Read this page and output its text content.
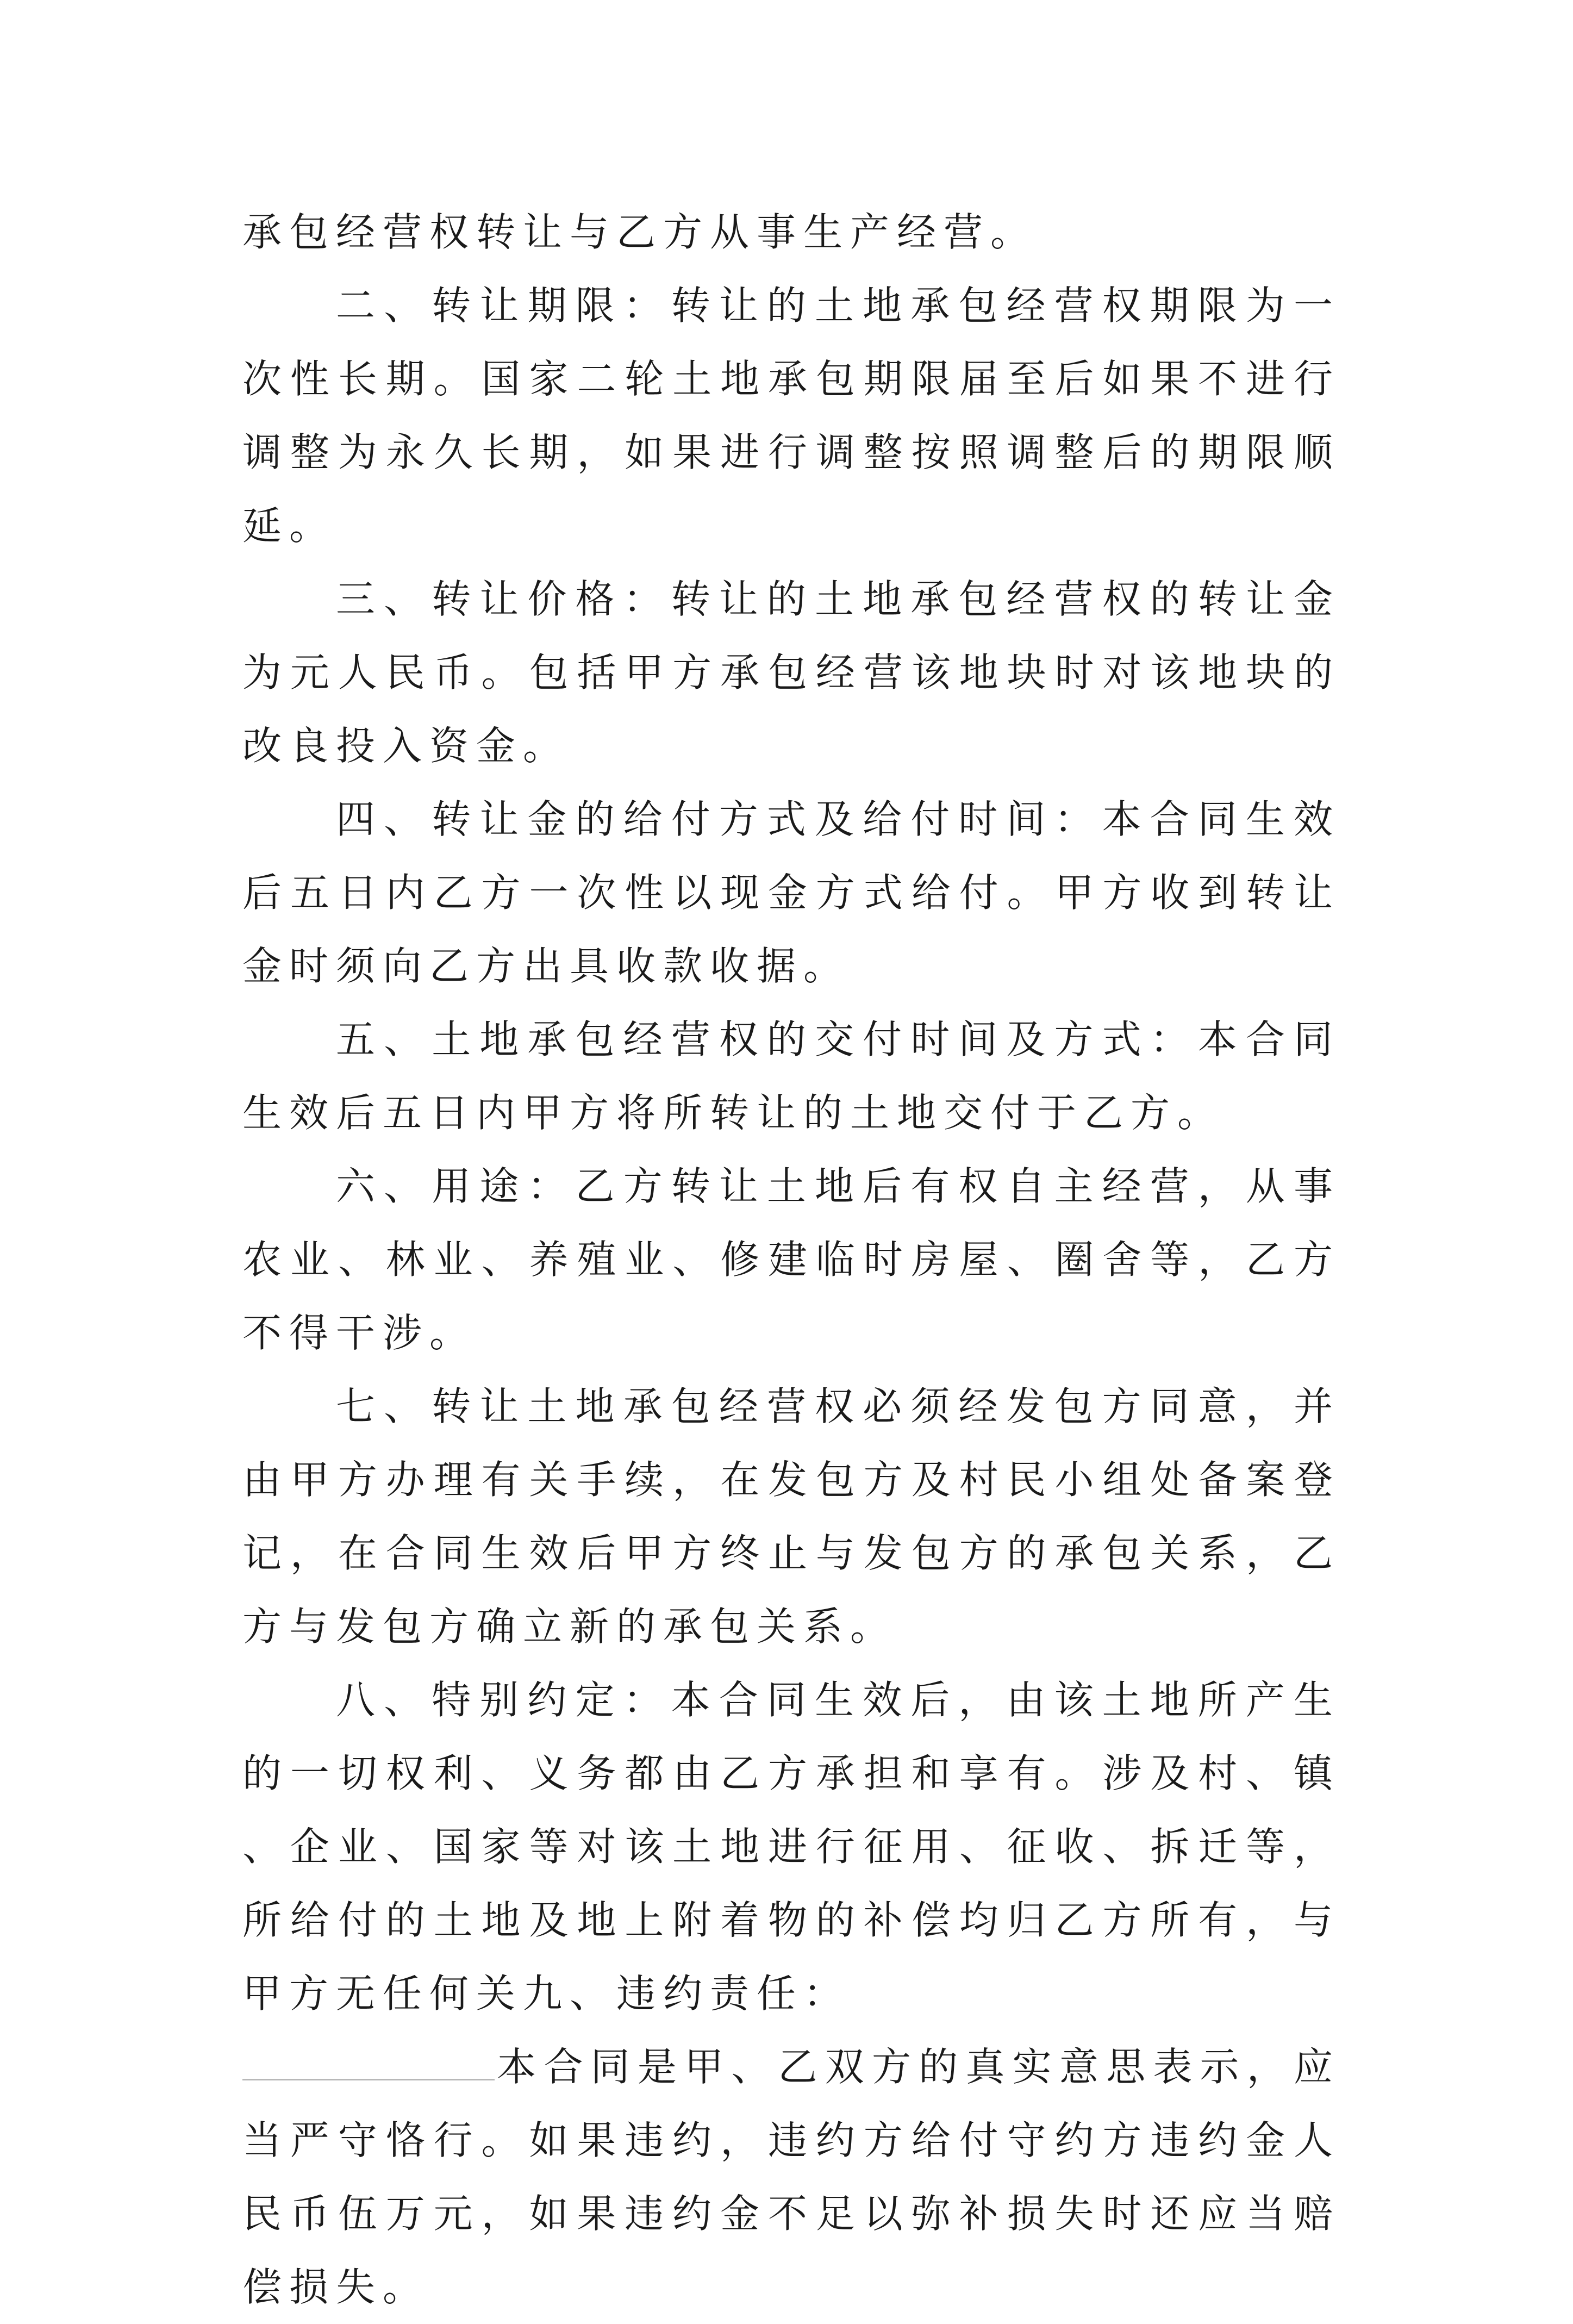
承包经营权转让与乙方从事生产经营。

二、转让期限：转让的土地承包经营权期限为一次性长期。国家二轮土地承包期限届至后如果不进行调整为永久长期，如果进行调整按照调整后的期限顺延。

三、转让价格：转让的土地承包经营权的转让金为元人民币。包括甲方承包经营该地块时对该地块的改良投入资金。

四、转让金的给付方式及给付时间：本合同生效后五日内乙方一次性以现金方式给付。甲方收到转让金时须向乙方出具收款收据。

五、土地承包经营权的交付时间及方式：本合同生效后五日内甲方将所转让的土地交付于乙方。

六、用途：乙方转让土地后有权自主经营，从事农业、林业、养殖业、修建临时房屋、圈舍等，乙方不得干涉。

七、转让土地承包经营权必须经发包方同意，并由甲方办理有关手续，在发包方及村民小组处备案登记，在合同生效后甲方终止与发包方的承包关系，乙方与发包方确立新的承包关系。

八、特别约定：本合同生效后，由该土地所产生的一切权利、义务都由乙方承担和享有。涉及村、镇、企业、国家等对该土地进行征用、征收、拆迁等，所给付的土地及地上附着物的补偿均归乙方所有，与甲方无任何关九、违约责任：

本合同是甲、乙双方的真实意思表示，应当严守恪行。如果违约，违约方给付守约方违约金人民币伍万元，如果违约金不足以弥补损失时还应当赔偿损失。
